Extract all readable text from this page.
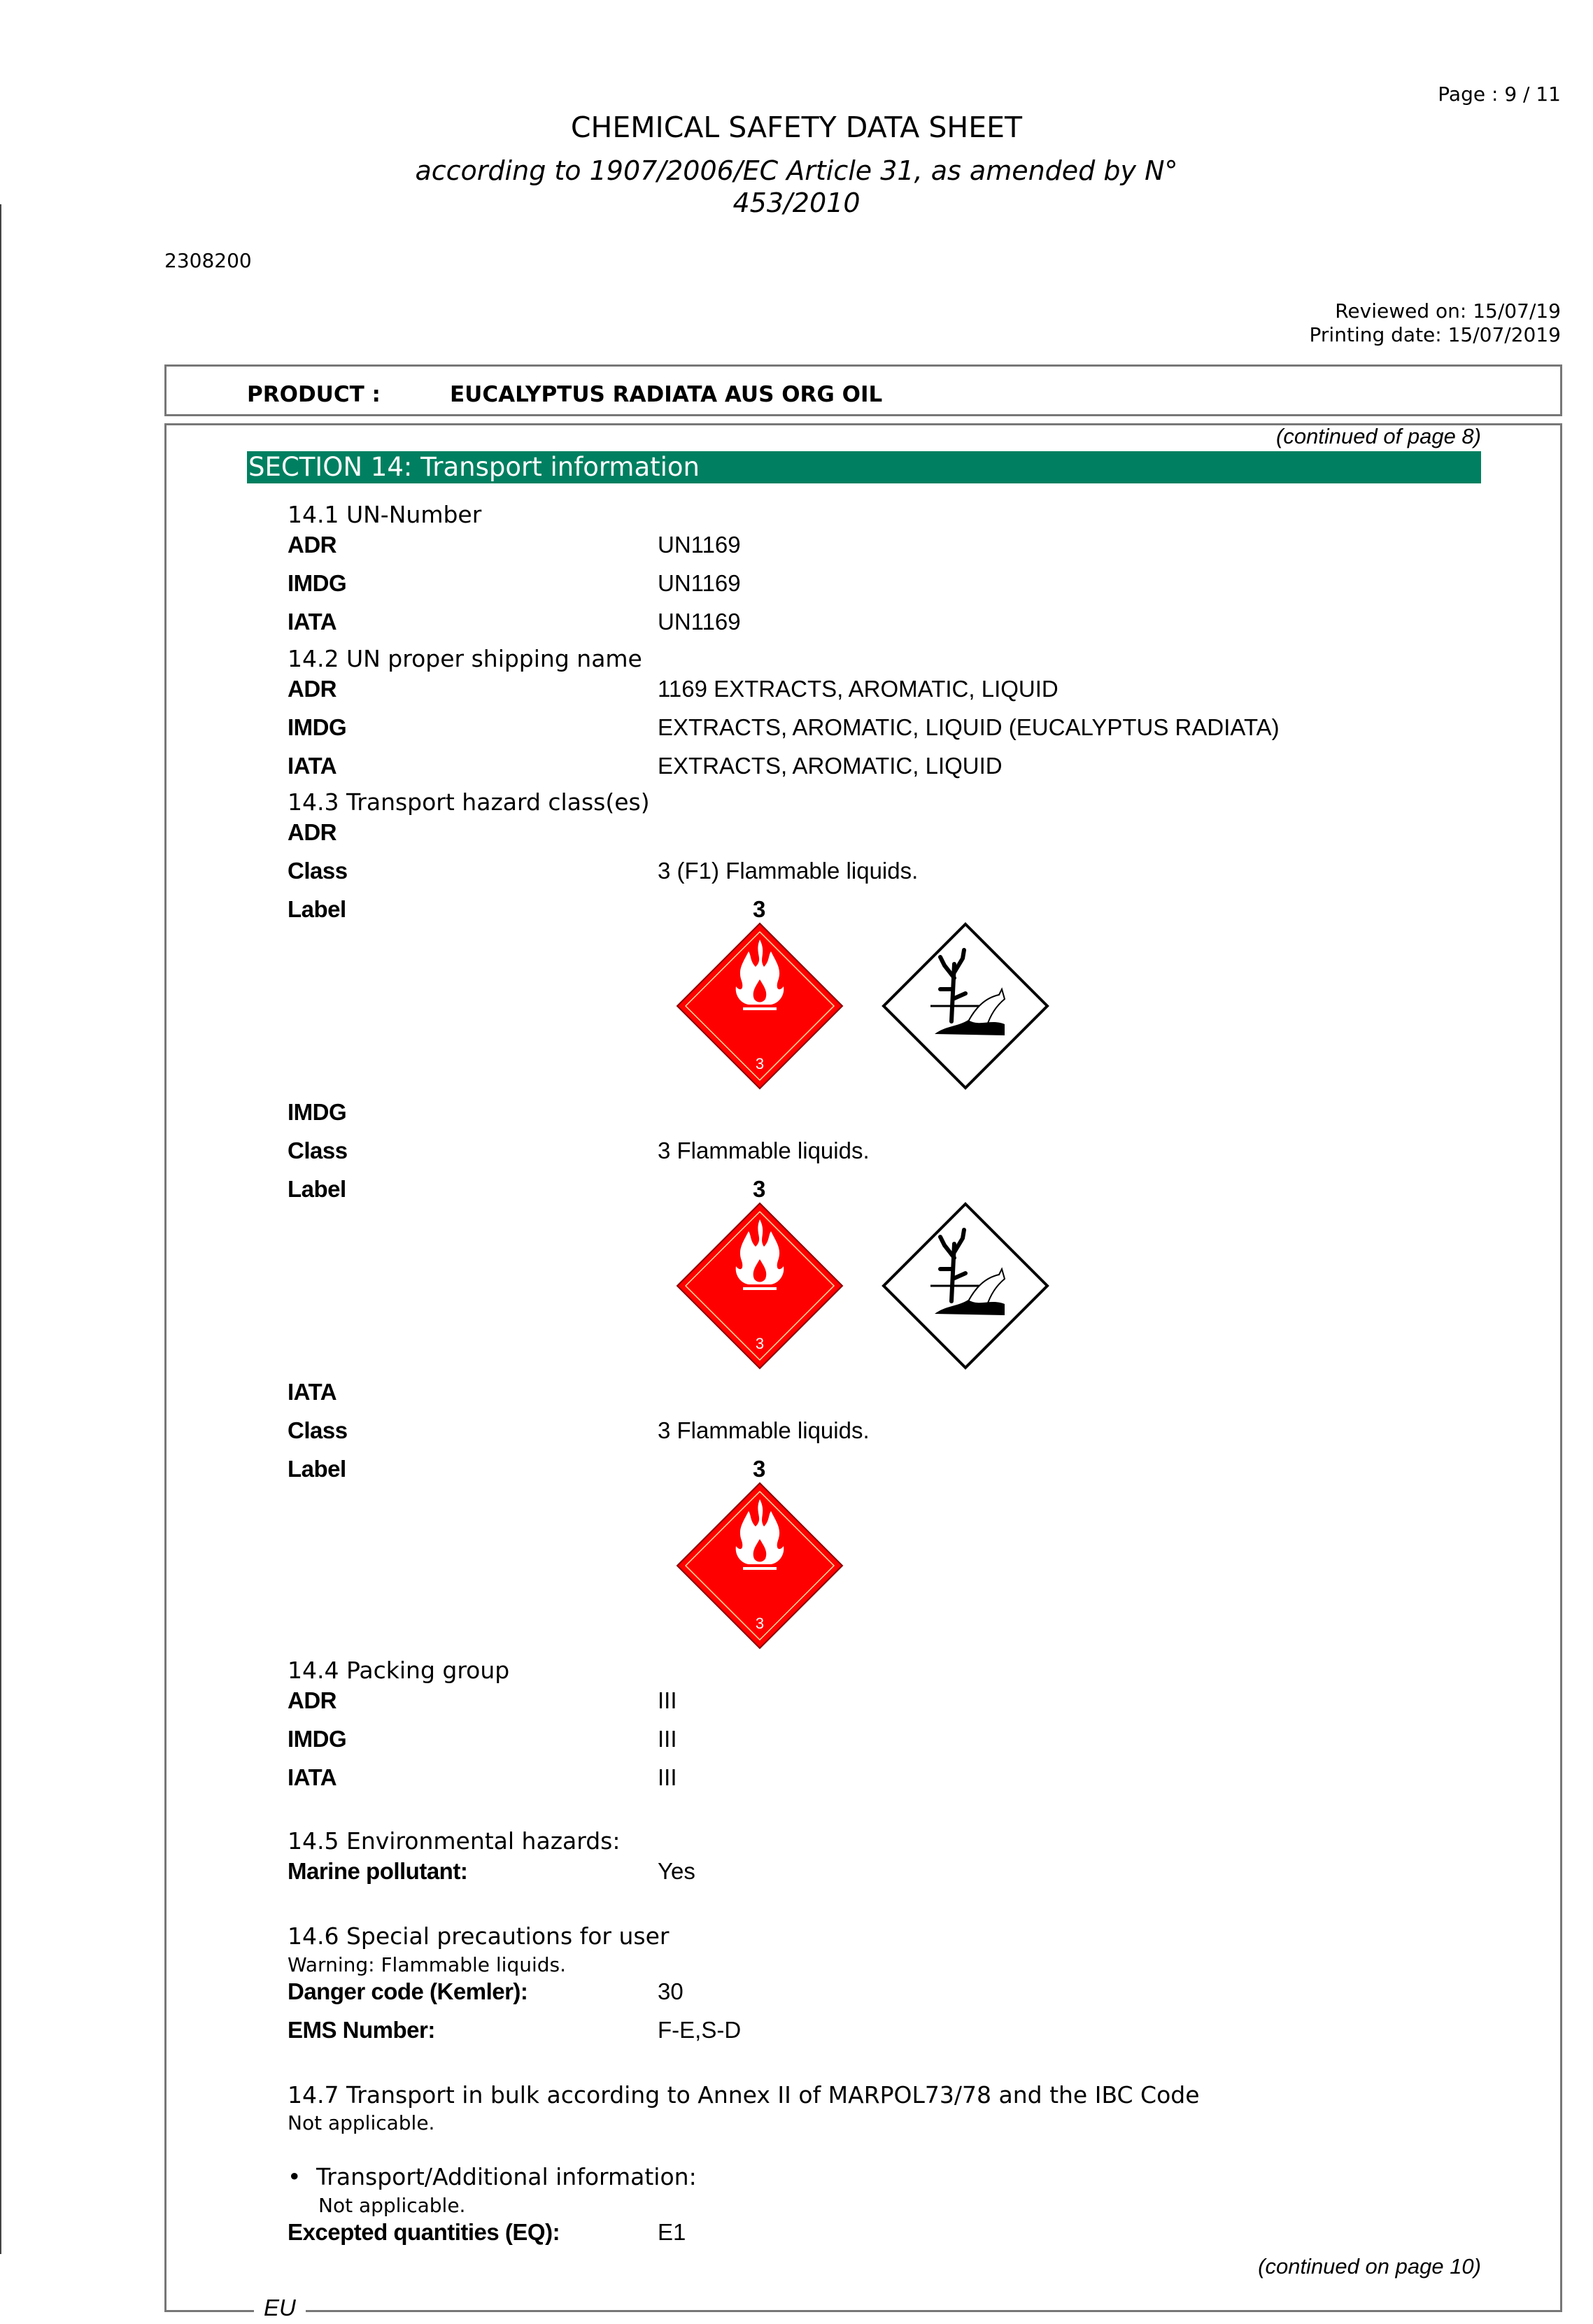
Page : 9 / 11
CHEMICAL SAFETY DATA SHEET
according to 1907/2006/EC Article 31, as amended by N°
453/2010
2308200
Reviewed on: 15/07/19
Printing date: 15/07/2019
PRODUCT :	EUCALYPTUS RADIATA AUS ORG OIL
(continued of page 8)
SECTION 14: Transport information
14.1 UN-Number
ADR	UN1169
IMDG	UN1169
IATA	UN1169
14.2 UN proper shipping name
ADR	1169 EXTRACTS, AROMATIC, LIQUID
IMDG	EXTRACTS, AROMATIC, LIQUID (EUCALYPTUS RADIATA)
IATA	EXTRACTS, AROMATIC, LIQUID
14.3 Transport hazard class(es)
ADR
Class	3 (F1) Flammable liquids.
Label	3
IMDG
Class	3 Flammable liquids.
Label	3
IATA
Class	3 Flammable liquids.
Label	3
14.4 Packing group
ADR	III
IMDG	III
IATA	III
14.5 Environmental hazards:
Marine pollutant:	Yes
14.6 Special precautions for user
Warning: Flammable liquids.
Danger code (Kemler):	30
EMS Number:	F-E,S-D
14.7 Transport in bulk according to Annex II of MARPOL73/78 and the IBC Code
Not applicable.
• Transport/Additional information:
Not applicable.
Excepted quantities (EQ):	E1
(continued on page 10)
EU
